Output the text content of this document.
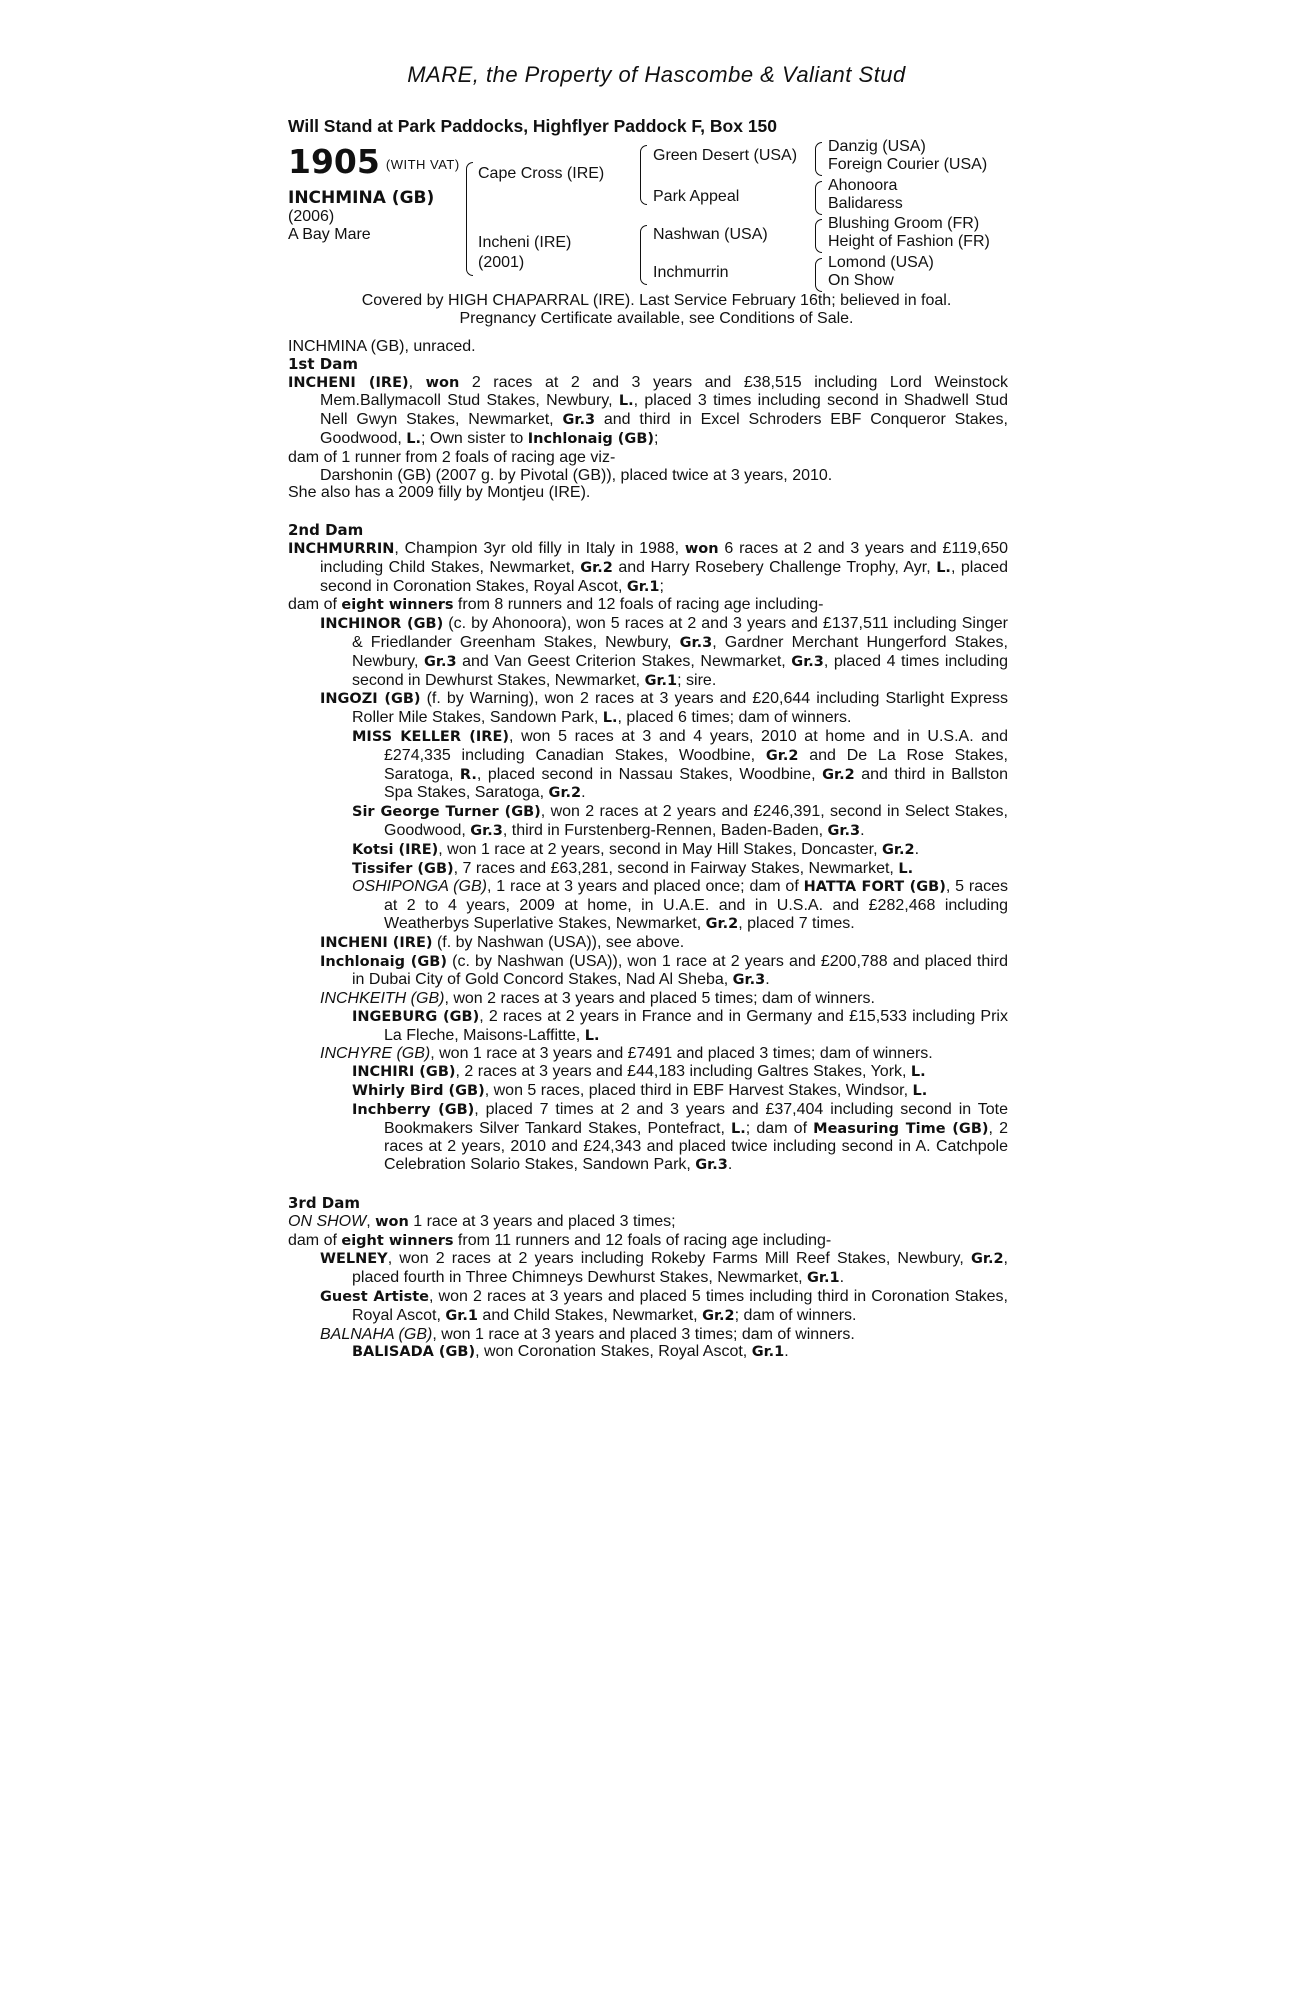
MARE, the Property of Hascombe & Valiant Stud
Will Stand at Park Paddocks, Highflyer Paddock F, Box 150
1905 $^{(WITH VAT)}$
INCHMINA (GB)
(2006)
A Bay Mare
Cape Cross (IRE)
Incheni (IRE)
(2001)
Green Desert (USA)
Park Appeal
Nashwan (USA)
Inchmurrin
Danzig (USA)
Foreign Courier (USA)
Ahonoora
Balidaress
Blushing Groom (FR)
Height of Fashion (FR)
Lomond (USA)
On Show
Covered by HIGH CHAPARRAL (IRE). Last Service February 16th; believed in foal.
Pregnancy Certificate available, see Conditions of Sale.

INCHMINA (GB), unraced.

1st Dam

INCHENI (IRE), won 2 races at 2 and 3 years and £38,515 including Lord Weinstock Mem.Ballymacoll Stud Stakes, Newbury, L., placed 3 times including second in Shadwell Stud Nell Gwyn Stakes, Newmarket, Gr.3 and third in Excel Schroders EBF Conqueror Stakes, Goodwood, L.; Own sister to Inchlonaig (GB);

dam of 1 runner from 2 foals of racing age viz-

Darshonin (GB) (2007 g. by Pivotal (GB)), placed twice at 3 years, 2010.

She also has a 2009 filly by Montjeu (IRE).

2nd Dam

INCHMURRIN, Champion 3yr old filly in Italy in 1988, won 6 races at 2 and 3 years and £119,650 including Child Stakes, Newmarket, Gr.2 and Harry Rosebery Challenge Trophy, Ayr, L., placed second in Coronation Stakes, Royal Ascot, Gr.1;

dam of eight winners from 8 runners and 12 foals of racing age including-

INCHINOR (GB) (c. by Ahonoora), won 5 races at 2 and 3 years and £137,511 including Singer & Friedlander Greenham Stakes, Newbury, Gr.3, Gardner Merchant Hungerford Stakes, Newbury, Gr.3 and Van Geest Criterion Stakes, Newmarket, Gr.3, placed 4 times including second in Dewhurst Stakes, Newmarket, Gr.1; sire.

INGOZI (GB) (f. by Warning), won 2 races at 3 years and £20,644 including Starlight Express Roller Mile Stakes, Sandown Park, L., placed 6 times; dam of winners.

MISS KELLER (IRE), won 5 races at 3 and 4 years, 2010 at home and in U.S.A. and £274,335 including Canadian Stakes, Woodbine, Gr.2 and De La Rose Stakes, Saratoga, R., placed second in Nassau Stakes, Woodbine, Gr.2 and third in Ballston Spa Stakes, Saratoga, Gr.2.

Sir George Turner (GB), won 2 races at 2 years and £246,391, second in Select Stakes, Goodwood, Gr.3, third in Furstenberg-Rennen, Baden-Baden, Gr.3.

Kotsi (IRE), won 1 race at 2 years, second in May Hill Stakes, Doncaster, Gr.2.

Tissifer (GB), 7 races and £63,281, second in Fairway Stakes, Newmarket, L.

OSHIPONGA (GB), 1 race at 3 years and placed once; dam of HATTA FORT (GB), 5 races at 2 to 4 years, 2009 at home, in U.A.E. and in U.S.A. and £282,468 including Weatherbys Superlative Stakes, Newmarket, Gr.2, placed 7 times.

INCHENI (IRE) (f. by Nashwan (USA)), see above.

Inchlonaig (GB) (c. by Nashwan (USA)), won 1 race at 2 years and £200,788 and placed third in Dubai City of Gold Concord Stakes, Nad Al Sheba, Gr.3.

INCHKEITH (GB), won 2 races at 3 years and placed 5 times; dam of winners.

INGEBURG (GB), 2 races at 2 years in France and in Germany and £15,533 including Prix La Fleche, Maisons-Laffitte, L.

INCHYRE (GB), won 1 race at 3 years and £7491 and placed 3 times; dam of winners.

INCHIRI (GB), 2 races at 3 years and £44,183 including Galtres Stakes, York, L.

Whirly Bird (GB), won 5 races, placed third in EBF Harvest Stakes, Windsor, L.

Inchberry (GB), placed 7 times at 2 and 3 years and £37,404 including second in Tote Bookmakers Silver Tankard Stakes, Pontefract, L.; dam of Measuring Time (GB), 2 races at 2 years, 2010 and £24,343 and placed twice including second in A. Catchpole Celebration Solario Stakes, Sandown Park, Gr.3.

3rd Dam

ON SHOW, won 1 race at 3 years and placed 3 times;

dam of eight winners from 11 runners and 12 foals of racing age including-

WELNEY, won 2 races at 2 years including Rokeby Farms Mill Reef Stakes, Newbury, Gr.2, placed fourth in Three Chimneys Dewhurst Stakes, Newmarket, Gr.1.

Guest Artiste, won 2 races at 3 years and placed 5 times including third in Coronation Stakes, Royal Ascot, Gr.1 and Child Stakes, Newmarket, Gr.2; dam of winners.

BALNAHA (GB), won 1 race at 3 years and placed 3 times; dam of winners.

BALISADA (GB), won Coronation Stakes, Royal Ascot, Gr.1.
